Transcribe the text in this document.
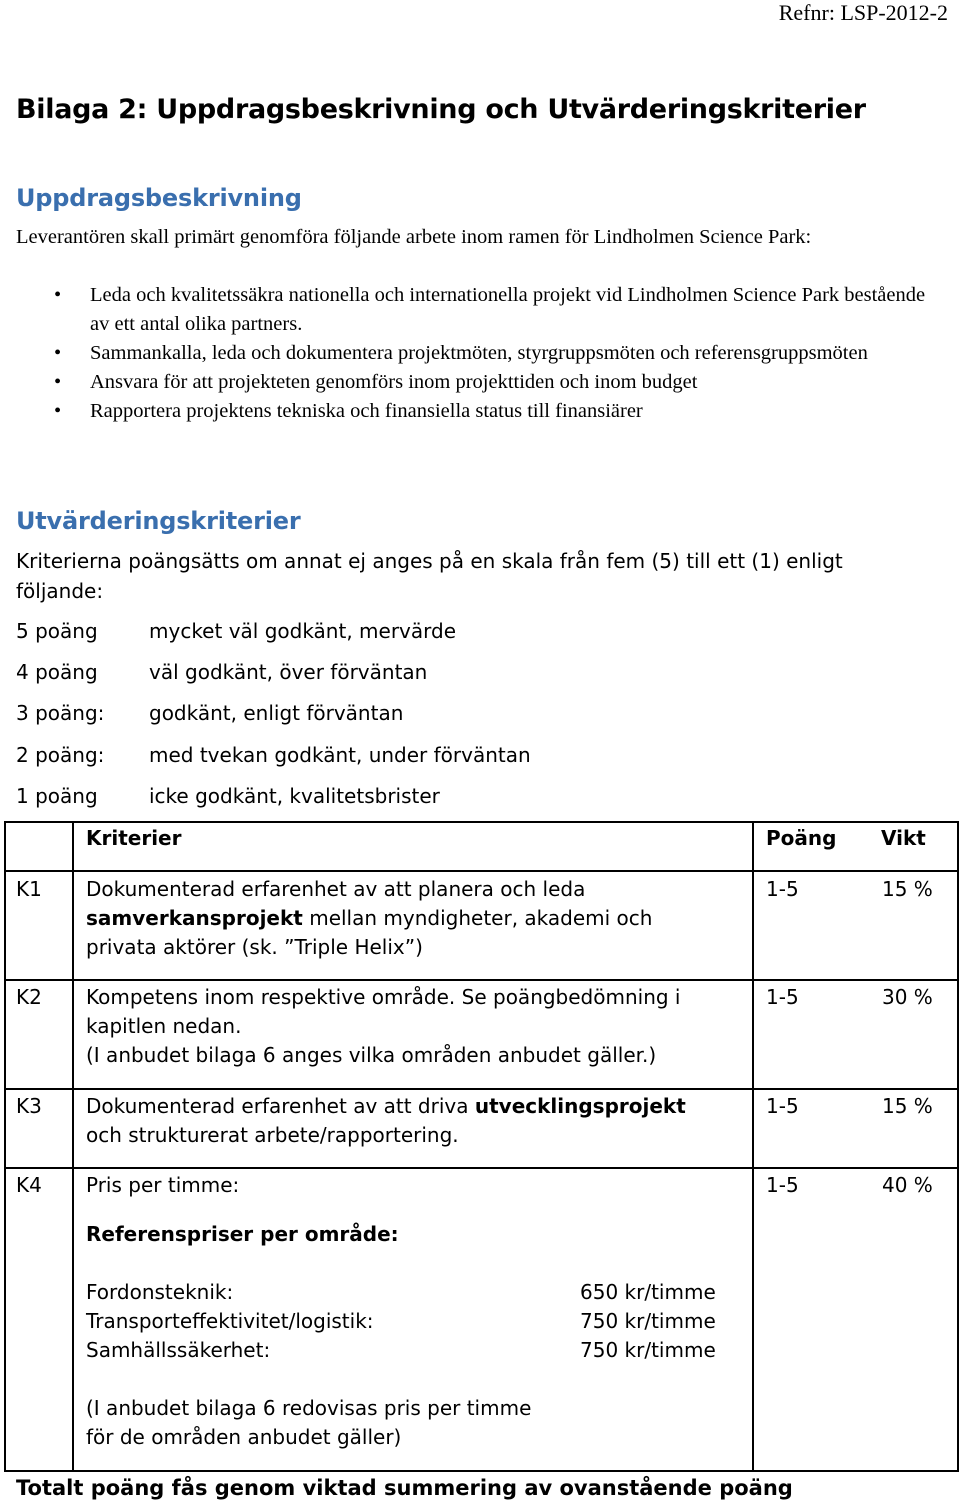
Refnr: LSP-2012-2
Bilaga 2: Uppdragsbeskrivning och Utvärderingskriterier
Uppdragsbeskrivning
Leverantören skall primärt genomföra följande arbete inom ramen för Lindholmen Science Park:
• Leda och kvalitetssäkra nationella och internationella projekt vid Lindholmen Science Park bestående av ett antal olika partners.
• Sammankalla, leda och dokumentera projektmöten, styrgruppsmöten och referensgruppsmöten
• Ansvara för att projekteten genomförs inom projekttiden och inom budget
• Rapportera projektens tekniska och finansiella status till finansiärer
Utvärderingskriterier
Kriterierna poängsätts om annat ej anges på en skala från fem (5) till ett (1) enligt följande:
5 poäng	mycket väl godkänt, mervärde
4 poäng	väl godkänt, över förväntan
3 poäng: godkänt, enligt förväntan
2 poäng: med tvekan godkänt, under förväntan
1 poäng	icke godkänt, kvalitetsbrister
Kriterier	Poäng Vikt
K1 Dokumenterad erfarenhet av att planera och leda
samverkansprojekt mellan myndigheter, akademi och
privata aktörer (sk. ”Triple Helix”)
1-5	15 %
K2 Kompetens inom respektive område. Se poängbedömning i
kapitlen nedan.
(I anbudet bilaga 6 anges vilka områden anbudet gäller.)
1-5	30 %
K3 Dokumenterad erfarenhet av att driva utvecklingsprojekt
och strukturerat arbete/rapportering.
1-5	15 %
K4 Pris per timme:
Referenspriser per område:
Fordonsteknik:	650 kr/timme
Transporteffektivitet/logistik:	750 kr/timme
Samhällssäkerhet:	750 kr/timme
(I anbudet bilaga 6 redovisas pris per timme
för de områden anbudet gäller)
1-5	40 %
Totalt poäng fås genom viktad summering av ovanstående poäng
